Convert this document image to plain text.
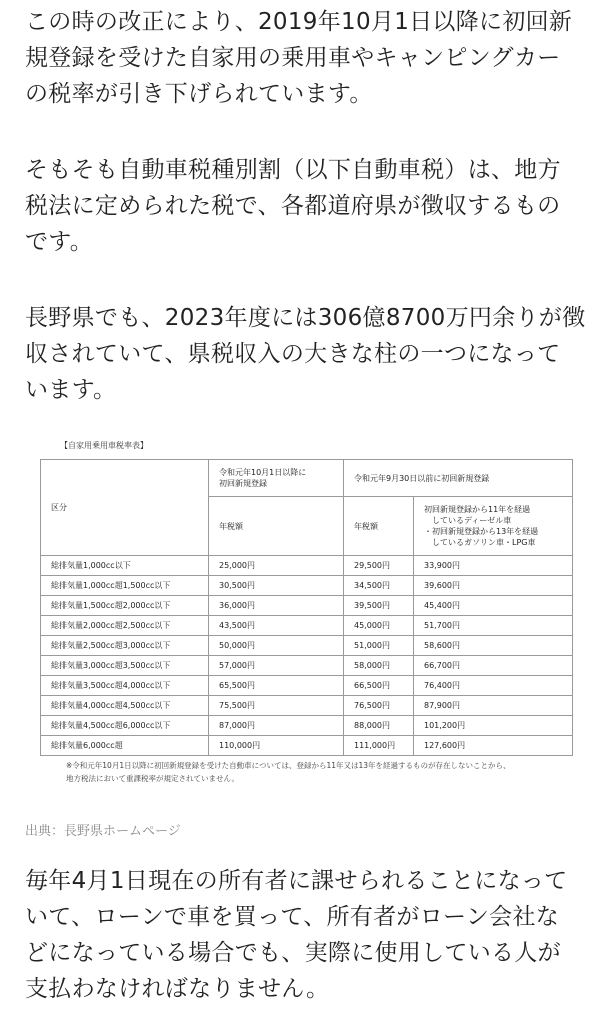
この時の改正により、2019年10月1日以降に初回新
規登録を受けた自家用の乗用車やキャンピングカー
の税率が引き下げられています。
そもそも自動車税種別割（以下自動車税）は、地方
税法に定められた税で、各都道府県が徴収するもの
です。
長野県でも、2023年度には306億8700万円余りが徴
収されていて、県税収入の大きな柱の一つになって
います。
【自家用乗用車税率表】
区分	令和元年10月1日以降に
初回新規登録	令和元年9月30日以前に初回新規登録	
	年税額	年税額	初回新規登録から11年を経過
　しているディーゼル車
・初回新規登録から13年を経過
　しているガソリン車・LPG車

総排気量1,000cc以下	25,000円	29,500円	33,900円
総排気量1,000cc超1,500cc以下	30,500円	34,500円	39,600円
総排気量1,500cc超2,000cc以下	36,000円	39,500円	45,400円
総排気量2,000cc超2,500cc以下	43,500円	45,000円	51,700円
総排気量2,500cc超3,000cc以下	50,000円	51,000円	58,600円
総排気量3,000cc超3,500cc以下	57,000円	58,000円	66,700円
総排気量3,500cc超4,000cc以下	65,500円	66,500円	76,400円
総排気量4,000cc超4,500cc以下	75,500円	76,500円	87,900円
総排気量4,500cc超6,000cc以下	87,000円	88,000円	101,200円
総排気量6,000cc超	110,000円	111,000円	127,600円
※令和元年10月1日以降に初回新規登録を受けた自動車については、登録から11年又は13年を経過するものが存在しないことから、
地方税法において重課税率が規定されていません。
出典：長野県ホームページ
毎年4月1日現在の所有者に課せられることになって
いて、ローンで車を買って、所有者がローン会社な
どになっている場合でも、実際に使用している人が
支払わなければなりません。
